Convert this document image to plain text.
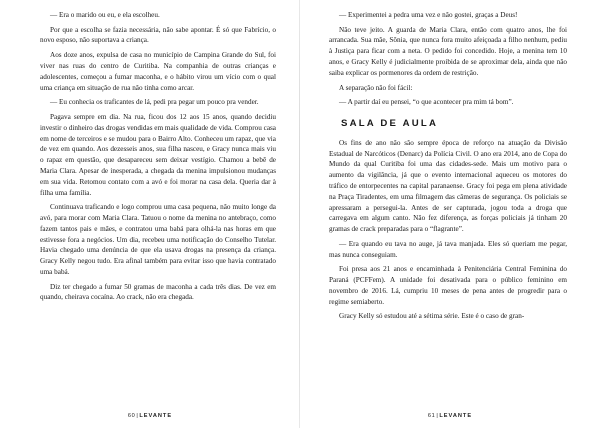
— Era o marido ou eu, e ela escolheu.

Por que a escolha se fazia necessária, não sabe apontar. É só que Fabrício, o novo esposo, não suportava a criança.

Aos doze anos, expulsa de casa no município de Campina Grande do Sul, foi viver nas ruas do centro de Curitiba. Na companhia de outras crianças e adolescentes, começou a fumar maconha, e o hábito virou um vício com o qual uma criança em situação de rua não tinha como arcar.

— Eu conhecia os traficantes de lá, pedi pra pegar um pouco pra vender.

Pagava sempre em dia. Na rua, ficou dos 12 aos 15 anos, quando decidiu investir o dinheiro das drogas vendidas em mais qualidade de vida. Comprou casa em nome de terceiros e se mudou para o Bairro Alto. Conheceu um rapaz, que via de vez em quando. Aos dezesseis anos, sua filha nasceu, e Gracy nunca mais viu o rapaz em questão, que desapareceu sem deixar vestígio. Chamou a bebê de Maria Clara. Apesar de inesperada, a chegada da menina impulsionou mudanças em sua vida. Retomou contato com a avó e foi morar na casa dela. Queria dar à filha uma família.

Continuava traficando e logo comprou uma casa pequena, não muito longe da avó, para morar com Maria Clara. Tatuou o nome da menina no antebraço, como fazem tantos pais e mães, e contratou uma babá para olhá-la nas horas em que estivesse fora a negócios. Um dia, recebeu uma notificação do Conselho Tutelar. Havia chegado uma denúncia de que ela usava drogas na presença da criança. Gracy Kelly negou tudo. Era afinal também para evitar isso que havia contratado uma babá.

Diz ter chegado a fumar 50 gramas de maconha a cada três dias. De vez em quando, cheirava cocaína. Ao crack, não era chegada.

60|LEVANTE

— Experimentei a pedra uma vez e não gostei, graças a Deus!

Não teve jeito. A guarda de Maria Clara, então com quatro anos, lhe foi arrancada. Sua mãe, Sônia, que nunca fora muito afeiçoada a filho nenhum, pediu à Justiça para ficar com a neta. O pedido foi concedido. Hoje, a menina tem 10 anos, e Gracy Kelly é judicialmente proibida de se aproximar dela, ainda que não saiba explicar os pormenores da ordem de restrição.

A separação não foi fácil:

— A partir daí eu pensei, “o que acontecer pra mim tá bom”.

SALA DE AULA

Os fins de ano não são sempre época de reforço na atuação da Divisão Estadual de Narcóticos (Denarc) da Polícia Civil. O ano era 2014, ano de Copa do Mundo da qual Curitiba foi uma das cidades-sede. Mais um motivo para o aumento da vigilância, já que o evento internacional aqueceu os motores do tráfico de entorpecentes na capital paranaense. Gracy foi pega em plena atividade na Praça Tiradentes, em uma filmagem das câmeras de segurança. Os policiais se apressaram a persegui-la. Antes de ser capturada, jogou toda a droga que carregava em algum canto. Não fez diferença, as forças policiais já tinham 20 gramas de crack preparadas para o “flagrante”.

— Era quando eu tava no auge, já tava manjada. Eles só queriam me pegar, mas nunca conseguiam.

Foi presa aos 21 anos e encaminhada à Penitenciária Central Feminina do Paraná (PCFFem). A unidade foi desativada para o público feminino em novembro de 2016. Lá, cumpriu 10 meses de pena antes de progredir para o regime semiaberto.

Gracy Kelly só estudou até a sétima série. Este é o caso de gran-

61|LEVANTE
